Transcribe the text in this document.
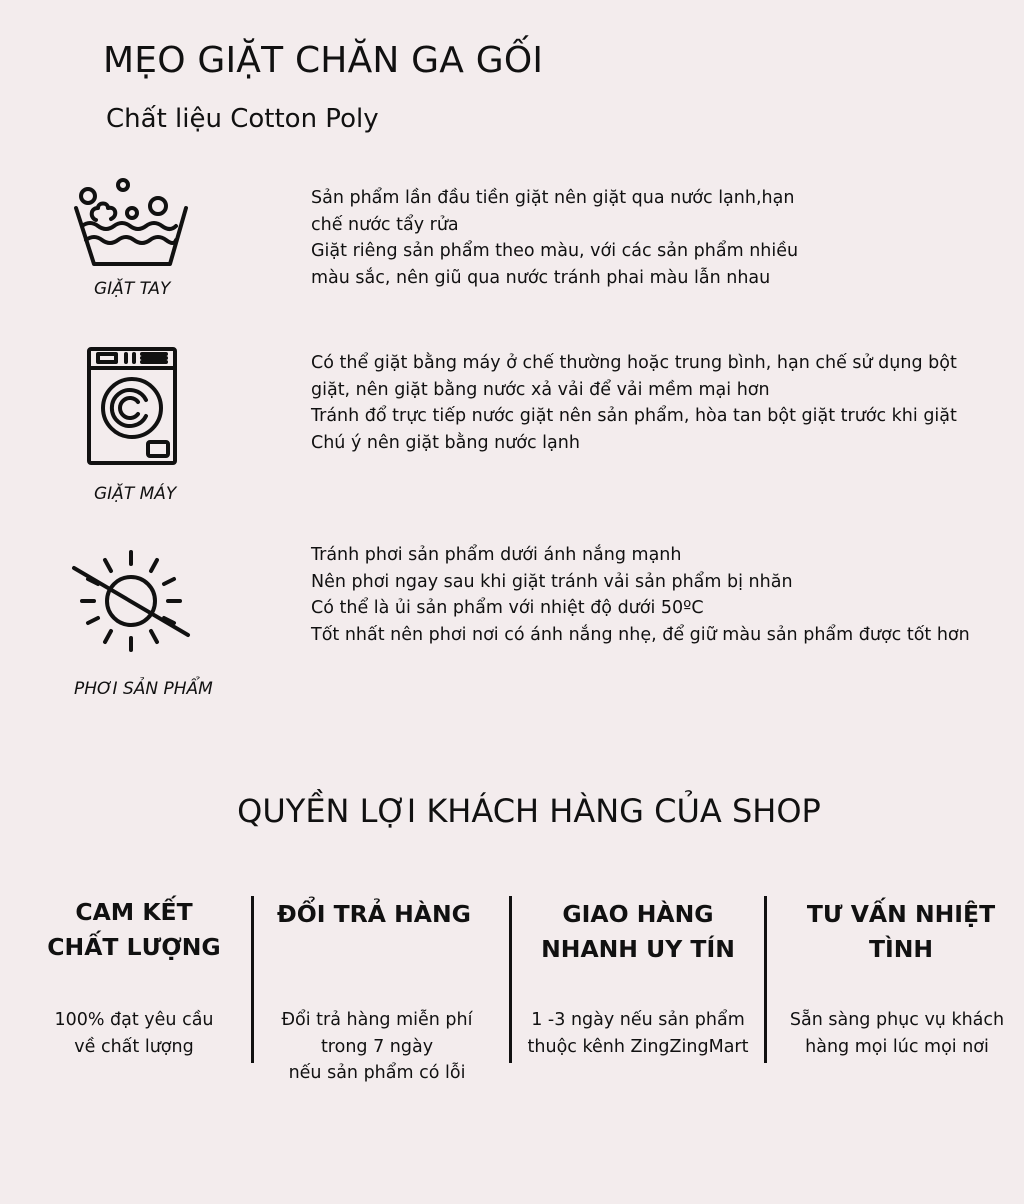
MẸO GIẶT CHĂN GA GỐI
Chất liệu Cotton Poly
GIẶT TAY
Sản phẩm lần đầu tiền giặt nên giặt qua nước lạnh,hạn
chế nước tẩy rửa
Giặt riêng sản phẩm theo màu, với các sản phẩm nhiều
màu sắc, nên giũ qua nước tránh phai màu lẫn nhau
GIẶT MÁY
Có thể giặt bằng máy ở chế thường hoặc trung bình, hạn chế sử dụng bột
giặt, nên giặt bằng nước xả vải để vải mềm mại hơn
Tránh đổ trực tiếp nước giặt nên sản phẩm, hòa tan bột giặt trước khi giặt
Chú ý nên giặt bằng nước lạnh
PHƠI SẢN PHẨM
Tránh phơi sản phẩm dưới ánh nắng mạnh
Nên phơi ngay sau khi giặt tránh vải sản phẩm bị nhăn
Có thể là ủi sản phẩm với nhiệt độ dưới 50ºC
Tốt nhất nên phơi nơi có ánh nắng nhẹ, để giữ màu sản phẩm được tốt hơn
QUYỀN LỢI KHÁCH HÀNG CỦA SHOP
CAM KẾT
CHẤT LƯỢNG
100% đạt yêu cầu
về chất lượng
ĐỔI TRẢ HÀNG
Đổi trả hàng miễn phí
trong 7 ngày
nếu sản phẩm có lỗi
GIAO HÀNG
NHANH UY TÍN
1 -3 ngày nếu sản phẩm
thuộc kênh ZingZingMart
TƯ VẤN NHIỆT
TÌNH
Sẵn sàng phục vụ khách
hàng mọi lúc mọi nơi
